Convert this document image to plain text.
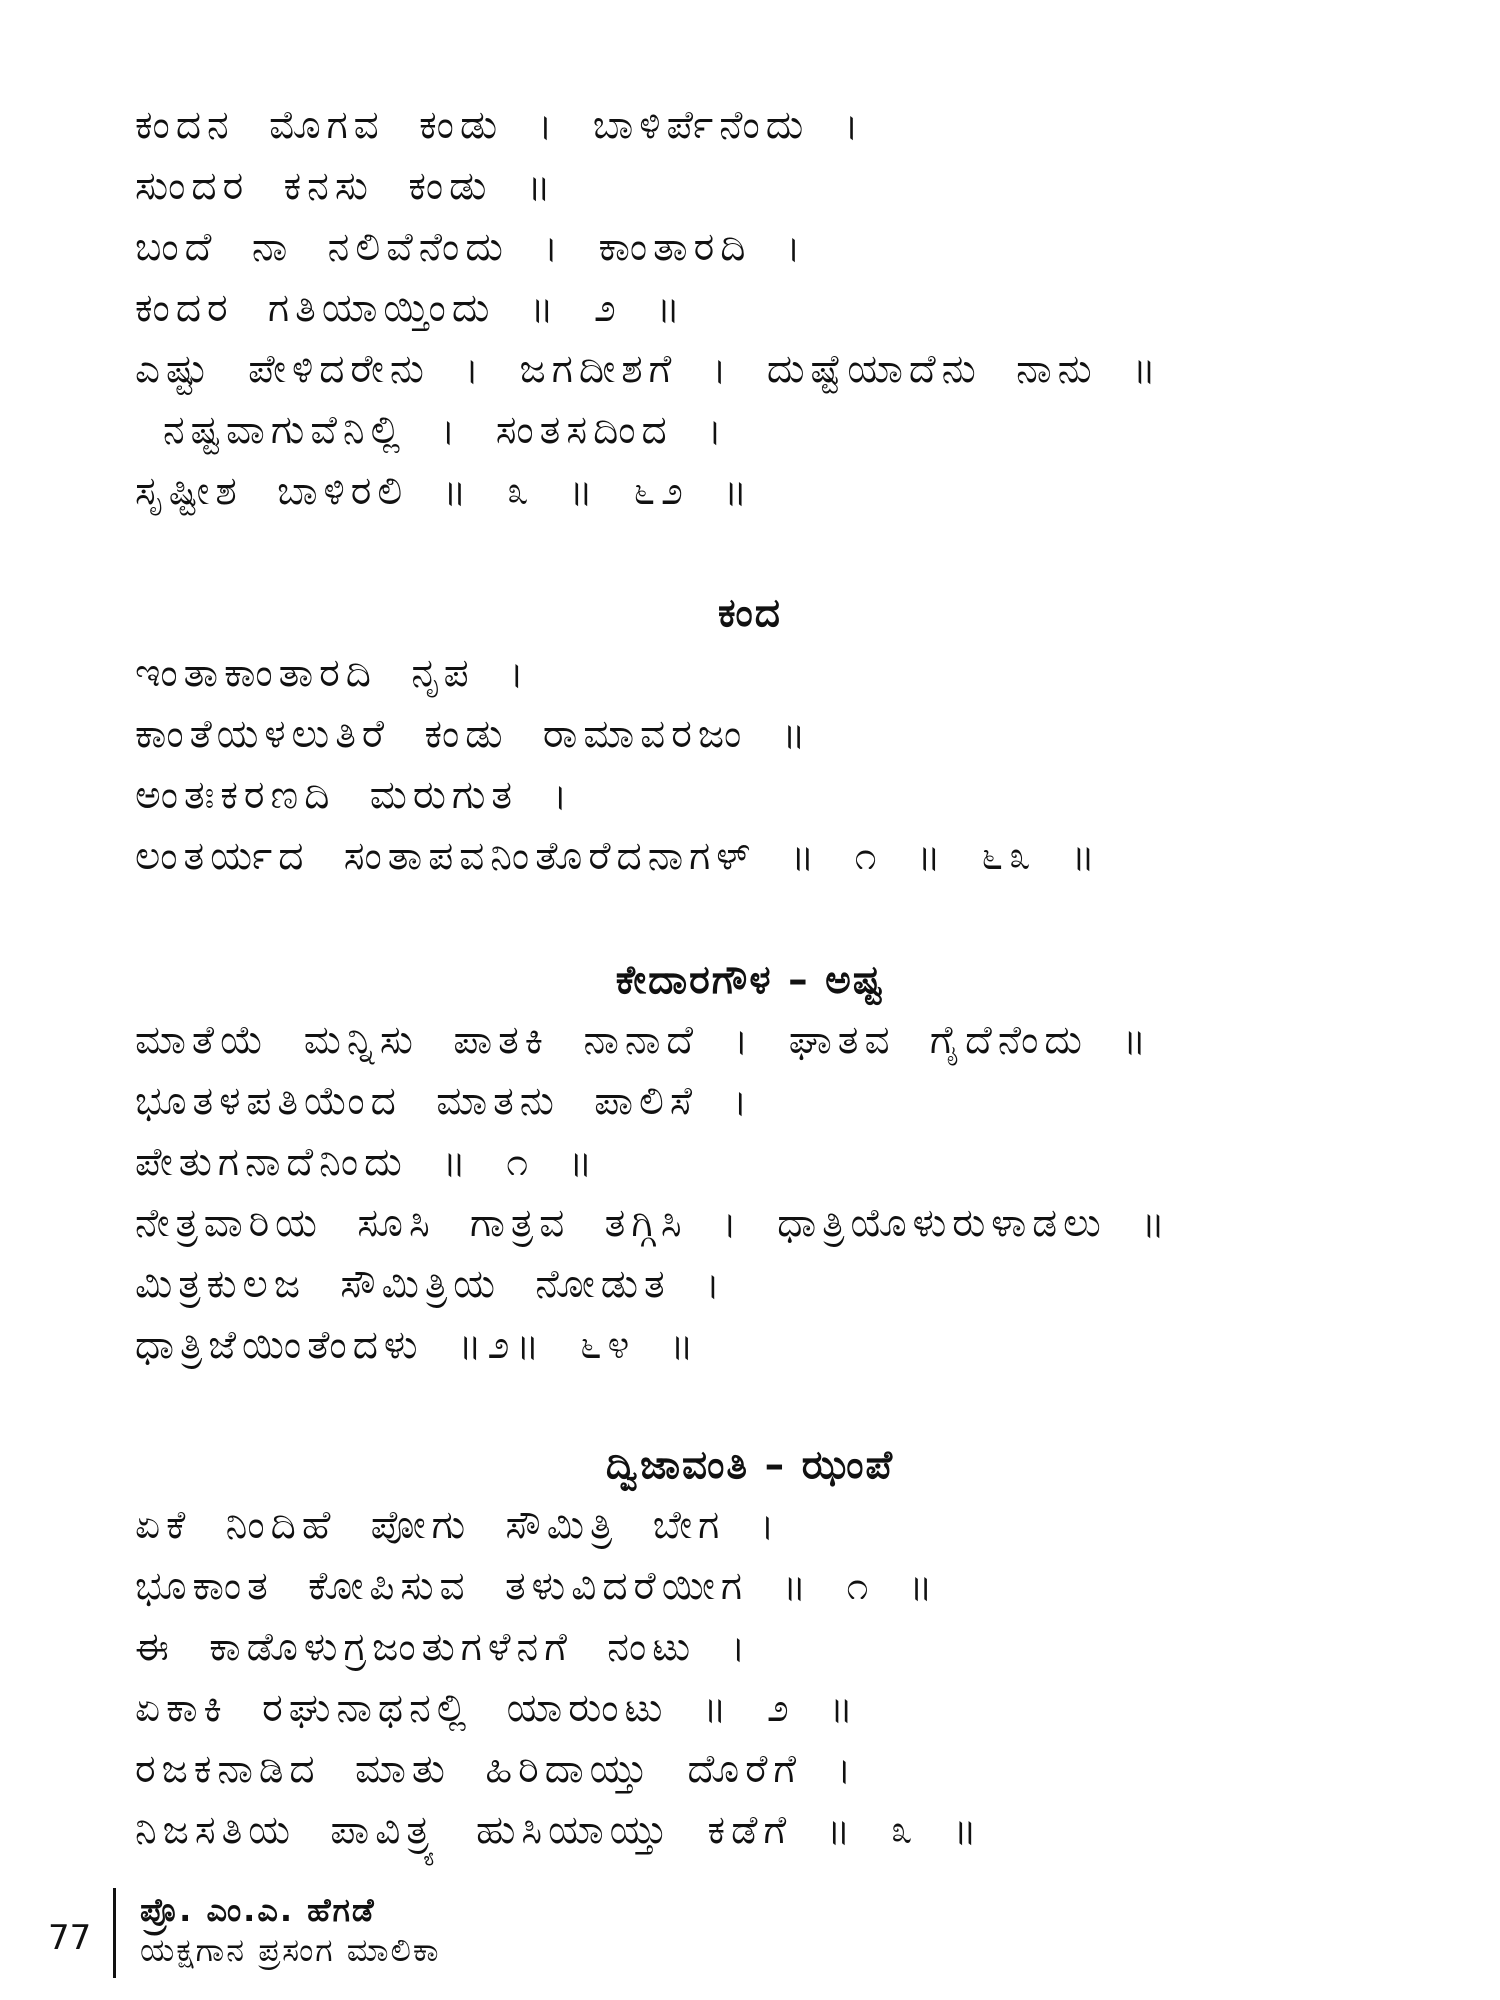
ಕಂದನ ಮೊಗವ ಕಂಡು । ಬಾಳಿರ್ಪೆನೆಂದು ।
ಸುಂದರ ಕನಸು ಕಂಡು ॥
ಬಂದೆ ನಾ ನಲಿವೆನೆಂದು । ಕಾಂತಾರದಿ ।
ಕಂದರ ಗತಿಯಾಯ್ತಿಂದು ॥ ೨ ॥
ಎಷ್ಟು ಪೇಳಿದರೇನು । ಜಗದೀಶಗೆ । ದುಷ್ಟೆಯಾದೆನು ನಾನು ॥
ನಷ್ಟವಾಗುವೆನಿಲ್ಲಿ । ಸಂತಸದಿಂದ ।
ಸೃಷ್ಟೀಶ ಬಾಳಿರಲಿ ॥ ೩ ॥ ೬೨ ॥
ಕಂದ
ಇಂತಾಕಾಂತಾರದಿ ನೃಪ ।
ಕಾಂತೆಯಳಲುತಿರೆ ಕಂಡು ರಾಮಾವರಜಂ ॥
ಅಂತಃಕರಣದಿ ಮರುಗುತ ।
ಲಂತರ್ಯದ ಸಂತಾಪವನಿಂತೊರೆದನಾಗಳ್ ॥ ೧ ॥ ೬೩ ॥
ಕೇದಾರಗೌಳ – ಅಷ್ಟ
ಮಾತೆಯೆ ಮನ್ನಿಸು ಪಾತಕಿ ನಾನಾದೆ । ಘಾತವ ಗೈದೆನೆಂದು ॥
ಭೂತಳಪತಿಯೆಂದ ಮಾತನು ಪಾಲಿಸೆ ।
ಪೇತುಗನಾದೆನಿಂದು ॥ ೧ ॥
ನೇತ್ರವಾರಿಯ ಸೂಸಿ ಗಾತ್ರವ ತಗ್ಗಿಸಿ । ಧಾತ್ರಿಯೊಳುರುಳಾಡಲು ॥
ಮಿತ್ರಕುಲಜ ಸೌಮಿತ್ರಿಯ ನೋಡುತ ।
ಧಾತ್ರಿಜೆಯಿಂತೆಂದಳು ॥೨॥ ೬೪ ॥
ದ್ವಿಜಾವಂತಿ – ಝಂಪೆ
ಏಕೆ ನಿಂದಿಹೆ ಪೋಗು ಸೌಮಿತ್ರಿ ಬೇಗ ।
ಭೂಕಾಂತ ಕೋಪಿಸುವ ತಳುವಿದರೆಯೀಗ ॥ ೧ ॥
ಈ ಕಾಡೊಳುಗ್ರಜಂತುಗಳೆನಗೆ ನಂಟು ।
ಏಕಾಕಿ ರಘುನಾಥನಲ್ಲಿ ಯಾರುಂಟು ॥ ೨ ॥
ರಜಕನಾಡಿದ ಮಾತು ಹಿರಿದಾಯ್ತು ದೊರೆಗೆ ।
ನಿಜಸತಿಯ ಪಾವಿತ್ರ್ಯ ಹುಸಿಯಾಯ್ತು ಕಡೆಗೆ ॥ ೩ ॥
77
ಪ್ರೊ. ಎಂ.ಎ. ಹೆಗಡೆ
ಯಕ್ಷಗಾನ ಪ್ರಸಂಗ ಮಾಲಿಕಾ
